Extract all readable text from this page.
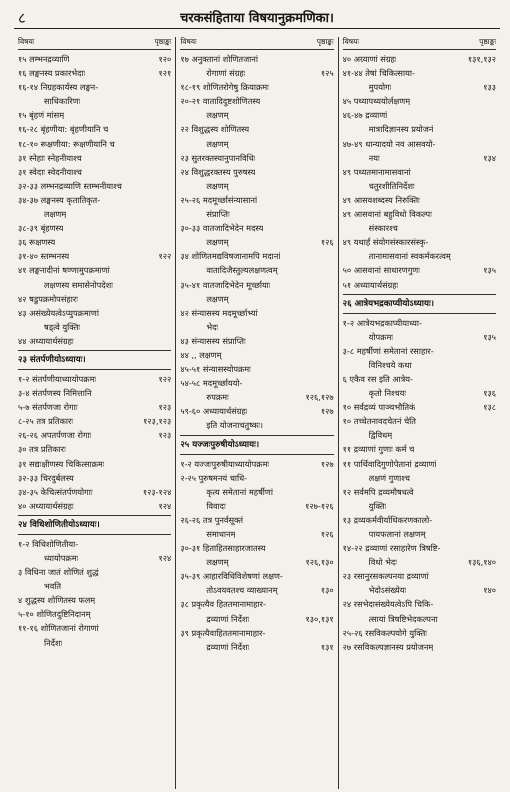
८	चरकसंहिताया विषयानुक्रमणिका।
विषयः	पृष्ठाङ्कः
१५ लम्भनद्रव्याणि	१२०
१६ लङ्घनस्य प्रकारभेदाः	१२१
१६-१४ निग्रहकार्यस्य लङ्घन-
साधिकारिणः
१५ बृंहणं मांसम्
१६-२८ बृंहणीया: बृंहणीयानि च
१८-१० रूक्षणीया: रूक्षणीयानि च
३१ स्नेहाः स्नेहनीयाश्च
३१ स्वेदाः स्वेदनीयाश्च
३२-३३ लम्भनद्रव्याणि स्तम्भनीयाश्च
३४-३७ लङ्घनस्य कृतातिकृत-
लक्षणम्
३८-३९ बृंहणस्य
३६ रूक्षणस्य
३१-४० स्तम्भनस्य	१२२
४१ लङ्घनादीनां षण्णामुपक्रमाणां
लक्षणस्य समासेनोपदेशः
४२ षडुपक्रमोपसंहारः
४३ असंख्येयत्वेऽप्युपक्रमाणां
षड्त्वे युक्तिः
४४ अध्यायार्थसंग्रहः
२३ संतर्पणीयोऽध्यायः।
१-२ संतर्पणीयाध्यायोपक्रमः	१२२
३-४ संतर्पणस्य निमित्तानि
५-७ संतर्पणजा रोगाः	१२३
८-२५ तत्र प्रतिकारः	१२३,१२३
२६-२६ अपतर्पणजा रोगाः	१२३
३० तत्र प्रतिकारः
३१ सद्यःक्षीणस्य चिकित्साक्रमः
३२-३३ चिरदुर्बलस्य
३४-३५ केचित्संतर्पणयोगाः	१२३-१२४
४० अध्यायार्थसंग्रहः	१२४
२४ विधिशोणितीयोऽध्यायः।
१-२ विधिशोणितीया-
ध्यायोपक्रमः	१२४
३ विधिना जातं शोणितं शुद्धं
भवति
४ शुद्धस्य शोणितस्य फलम्
५-१० शोणितदुष्टिनिदानम्
११-१६ शोणितजानां रोगाणां
निर्देशः
विषयः	पृष्ठाङ्कः
१७ अनुक्तानां शोणितजानां
रोगाणां संग्रहः	१२५
१८-१९ शोणितरोगेषु क्रियाक्रमः
२०-२१ वातादिदुष्टशोणितस्य
लक्षणम्
२२ विशुद्धस्य शोणितस्य
लक्षणम्
२३ सुतरक्तस्यानुपानविधिः
२४ विशुद्धरक्तस्य पुरुषस्य
लक्षणम्
२५-२६ मदमूर्च्छासंन्यासानां
संप्राप्तिः
३०-३३ वातजादिभेदेन मदस्य
लक्षणम्	१२६
३४ शोणितमद्यविषजानामपि मदानां
वातादिजैस्तुल्यलक्षणत्वम्
३५-४१ वातजादिभेदेन मूर्च्छायाः
लक्षणम्
४२ संन्यासस्य मदमूर्च्छाभ्यां
भेदः
४३ संन्यासस्य संप्राप्तिः
४४ ,, लक्षणम्
४५-५१ संन्यासस्योपक्रमः
५४-५८ मदमूर्च्छाययो-
रुपक्रमः	१२६,१२७
५९-६० अध्यायार्थसंग्रहः	१२७
इति योजनाचतुष्कः।
२५ यज्जःपुरुषीयोऽध्यायः।
१-२ यज्जःपुरुषीयाध्यायोपक्रमः	१२७
२-२५ पुरुषमनयं चाधि-
कृत्य समेतानां महर्षीणां
विवादः	१२७-१२६
२६-२६ तत्र पुनर्वसूक्तं
समाधानम्	१२६
३०-३१ हिताहितसाहारजातस्य
लक्षणम्	१२६,१३०
३५-३९ आहारविधिविशेषणां लक्षण-
तोऽवयवतश्च व्याख्यानम्	१३०
३८ प्रकृत्यैव हिततमानामाहार-
द्रव्याणां निर्देशः	१३०,१३१
३९ प्रकृत्यैवाहिततमानामाहार-
द्रव्याणां निर्देशः	१३१
विषयः	पृष्ठाङ्कः
४० अग्र्याणां संग्रहः	१३१,१३२
४१-४४ तेषां चिकित्साया-
मुपयोगः	१३३
४५ पथ्यापथ्ययोर्लक्षणम्
४६-४७ द्रव्याणां
मात्रादिज्ञानस्य प्रयोजनं
४७-४९ धान्यादयो नव आसवयो-
नयः	१३४
४९ पथ्यतमानामासवानां
चतुरशीतिनिर्देशः
४९ आसवशब्दस्य निरुक्तिः
४९ आसवानां बहुविधो विकल्पः
संस्कारश्च
४९ यथार्हं संयोगसंस्कारसंस्कृ-
तानामासवानां स्वकर्मकरत्वम्
५० आसवानां साधारणगुणः	१३५
५१ अध्यायार्थसंग्रहः
२६ आत्रेयभद्रकाप्यीयोऽध्यायः।
१-२ आत्रेयभद्रकाप्यीयाध्या-
योपक्रमः	१३५
३-८ महर्षीणां समेतानां रसाहार-
विनिश्चये कथा
६ एकैव रस इति आत्रेय-
कृतो निश्चयः	१३६
१० सर्वद्रव्यं पाञ्चभौतिकं	१३८
१० तच्चेतनावदचेतनं चेति
द्विविधम्
११ द्रव्याणां गुणाः कर्म च
११ पार्थिवादिगुणोपेतानां द्रव्याणां
लक्षणं गुणाश्च
१२ सर्वमपि द्रव्यमौषधत्वे
युक्तिः
१३ द्रव्यकर्मवीर्याधिकरणकालो-
पायफलानां लक्षणम्
१४-२२ द्रव्याणां रसाहारेण त्रिषष्टि-
विधो भेदः	१३६,१४०
२३ रसानुरसकल्पनया द्रव्याणां
भेदोऽसंख्येयः	१४०
२४ रसभेदासंख्येयत्वेऽपि चिकि-
त्सायां त्रिषष्टिभेदकल्पना
२५-२६ रसविकल्पयोगे युक्तिः
२७ रसविकल्पज्ञानस्य प्रयोजनम्
